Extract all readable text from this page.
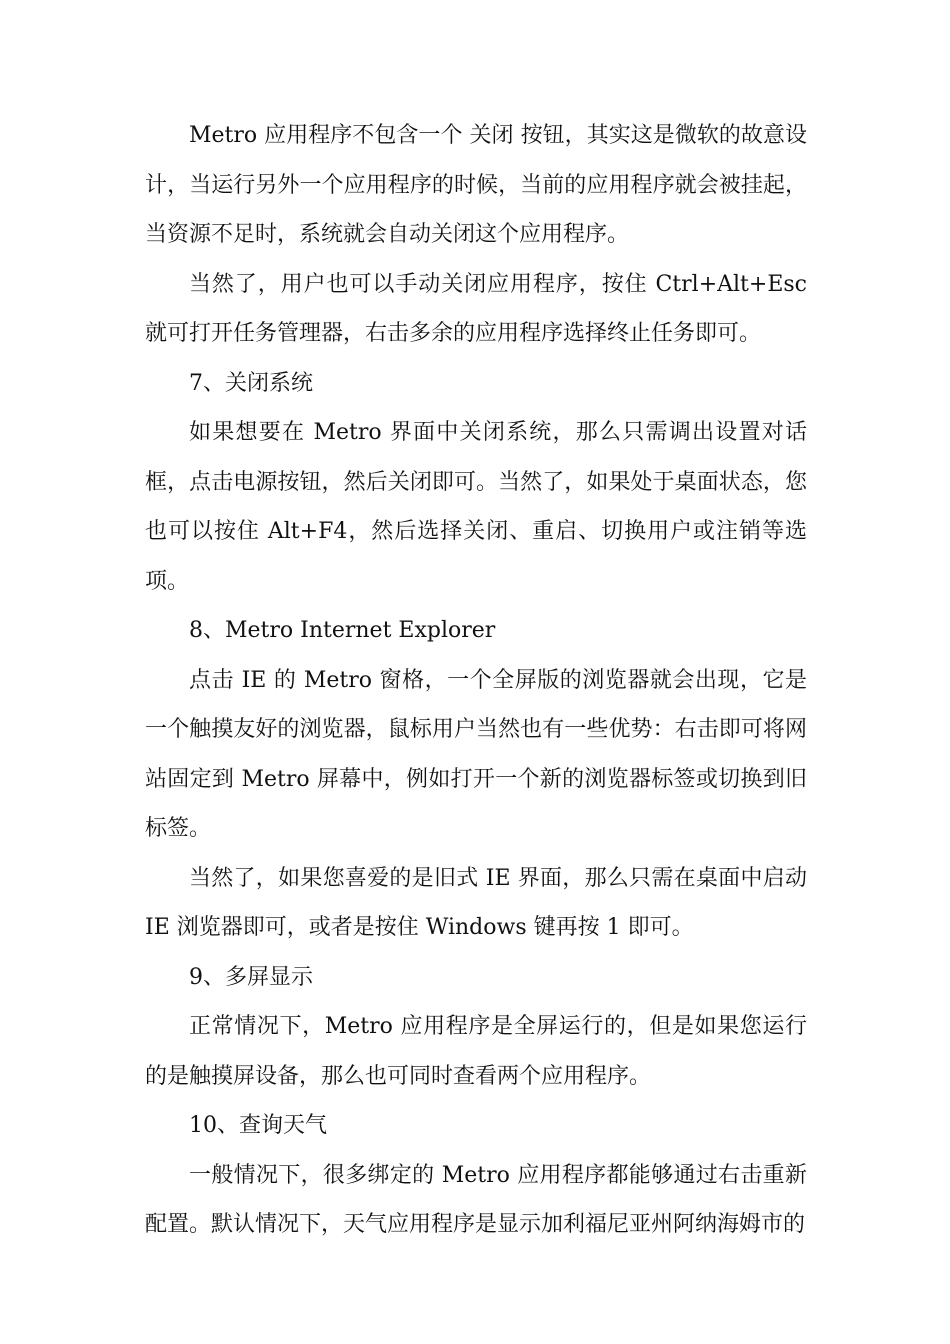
Metro 应用程序不包含一个 关闭 按钮，其实这是微软的故意设计，当运行另外一个应用程序的时候，当前的应用程序就会被挂起，当资源不足时，系统就会自动关闭这个应用程序。

当然了，用户也可以手动关闭应用程序，按住 Ctrl+Alt+Esc 就可打开任务管理器，右击多余的应用程序选择终止任务即可。

7、关闭系统

如果想要在 Metro 界面中关闭系统，那么只需调出设置对话框，点击电源按钮，然后关闭即可。当然了，如果处于桌面状态，您也可以按住 Alt+F4，然后选择关闭、重启、切换用户或注销等选项。

8、Metro Internet Explorer

点击 IE 的 Metro 窗格，一个全屏版的浏览器就会出现，它是一个触摸友好的浏览器，鼠标用户当然也有一些优势：右击即可将网站固定到 Metro 屏幕中，例如打开一个新的浏览器标签或切换到旧标签。

当然了，如果您喜爱的是旧式 IE 界面，那么只需在桌面中启动 IE 浏览器即可，或者是按住 Windows 键再按 1 即可。

9、多屏显示

正常情况下，Metro 应用程序是全屏运行的，但是如果您运行的是触摸屏设备，那么也可同时查看两个应用程序。

10、查询天气

一般情况下，很多绑定的 Metro 应用程序都能够通过右击重新配置。默认情况下，天气应用程序是显示加利福尼亚州阿纳海姆市的
